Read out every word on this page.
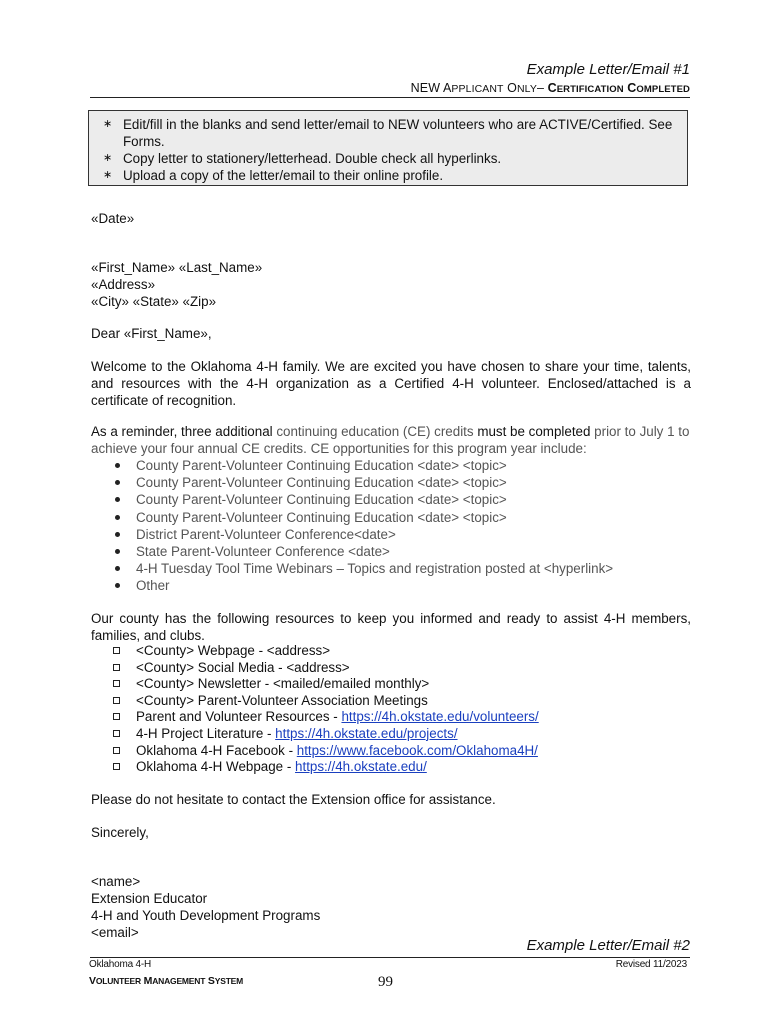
Example Letter/Email #1
NEW APPLICANT ONLY– CERTIFICATION COMPLETED
∗ Edit/fill in the blanks and send letter/email to NEW volunteers who are ACTIVE/Certified. See Forms.
∗ Copy letter to stationery/letterhead. Double check all hyperlinks.
∗ Upload a copy of the letter/email to their online profile.
«Date»
«First_Name» «Last_Name»
«Address»
«City» «State» «Zip»
Dear «First_Name»,
Welcome to the Oklahoma 4-H family. We are excited you have chosen to share your time, talents, and resources with the 4-H organization as a Certified 4-H volunteer. Enclosed/attached is a certificate of recognition.
As a reminder, three additional continuing education (CE) credits must be completed prior to July 1 to achieve your four annual CE credits. CE opportunities for this program year include:
County Parent-Volunteer Continuing Education <date> <topic>
County Parent-Volunteer Continuing Education <date> <topic>
County Parent-Volunteer Continuing Education <date> <topic>
County Parent-Volunteer Continuing Education <date> <topic>
District Parent-Volunteer Conference<date>
State Parent-Volunteer Conference <date>
4-H Tuesday Tool Time Webinars – Topics and registration posted at <hyperlink>
Other
Our county has the following resources to keep you informed and ready to assist 4-H members, families, and clubs.
<County> Webpage - <address>
<County> Social Media - <address>
<County> Newsletter - <mailed/emailed monthly>
<County> Parent-Volunteer Association Meetings
Parent and Volunteer Resources - https://4h.okstate.edu/volunteers/
4-H Project Literature - https://4h.okstate.edu/projects/
Oklahoma 4-H Facebook - https://www.facebook.com/Oklahoma4H/
Oklahoma 4-H Webpage - https://4h.okstate.edu/
Please do not hesitate to contact the Extension office for assistance.
Sincerely,
<name>
Extension Educator
4-H and Youth Development Programs
<email>
Example Letter/Email #2
Oklahoma 4-H	Revised 11/2023
VOLUNTEER MANAGEMENT SYSTEM	99
